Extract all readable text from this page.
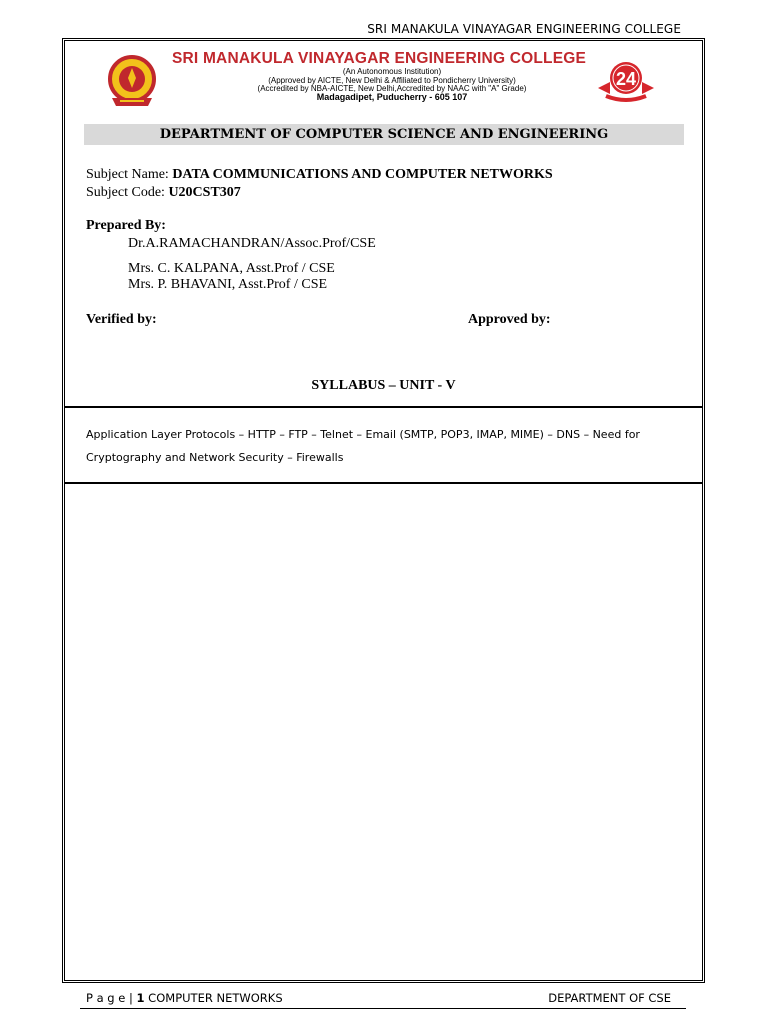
SRI MANAKULA VINAYAGAR ENGINEERING COLLEGE
SRI MANAKULA VINAYAGAR ENGINEERING COLLEGE
(An Autonomous Institution)
(Approved by AICTE, New Delhi & Affiliated to Pondicherry University)
(Accredited by NBA-AICTE, New Delhi,Accredited by NAAC with "A" Grade)
Madagadipet, Puducherry - 605 107
24
DEPARTMENT OF COMPUTER SCIENCE AND ENGINEERING
Subject Name: DATA COMMUNICATIONS AND COMPUTER NETWORKS
Subject Code: U20CST307
Prepared By:
Dr.A.RAMACHANDRAN/Assoc.Prof/CSE
Mrs. C. KALPANA, Asst.Prof / CSE
Mrs. P. BHAVANI, Asst.Prof / CSE
Verified by:	Approved by:
SYLLABUS – UNIT - V
Application Layer Protocols – HTTP – FTP – Telnet – Email (SMTP, POP3, IMAP, MIME) – DNS – Need for Cryptography and Network Security – Firewalls
P a g e | 1 COMPUTER NETWORKS	DEPARTMENT OF CSE
